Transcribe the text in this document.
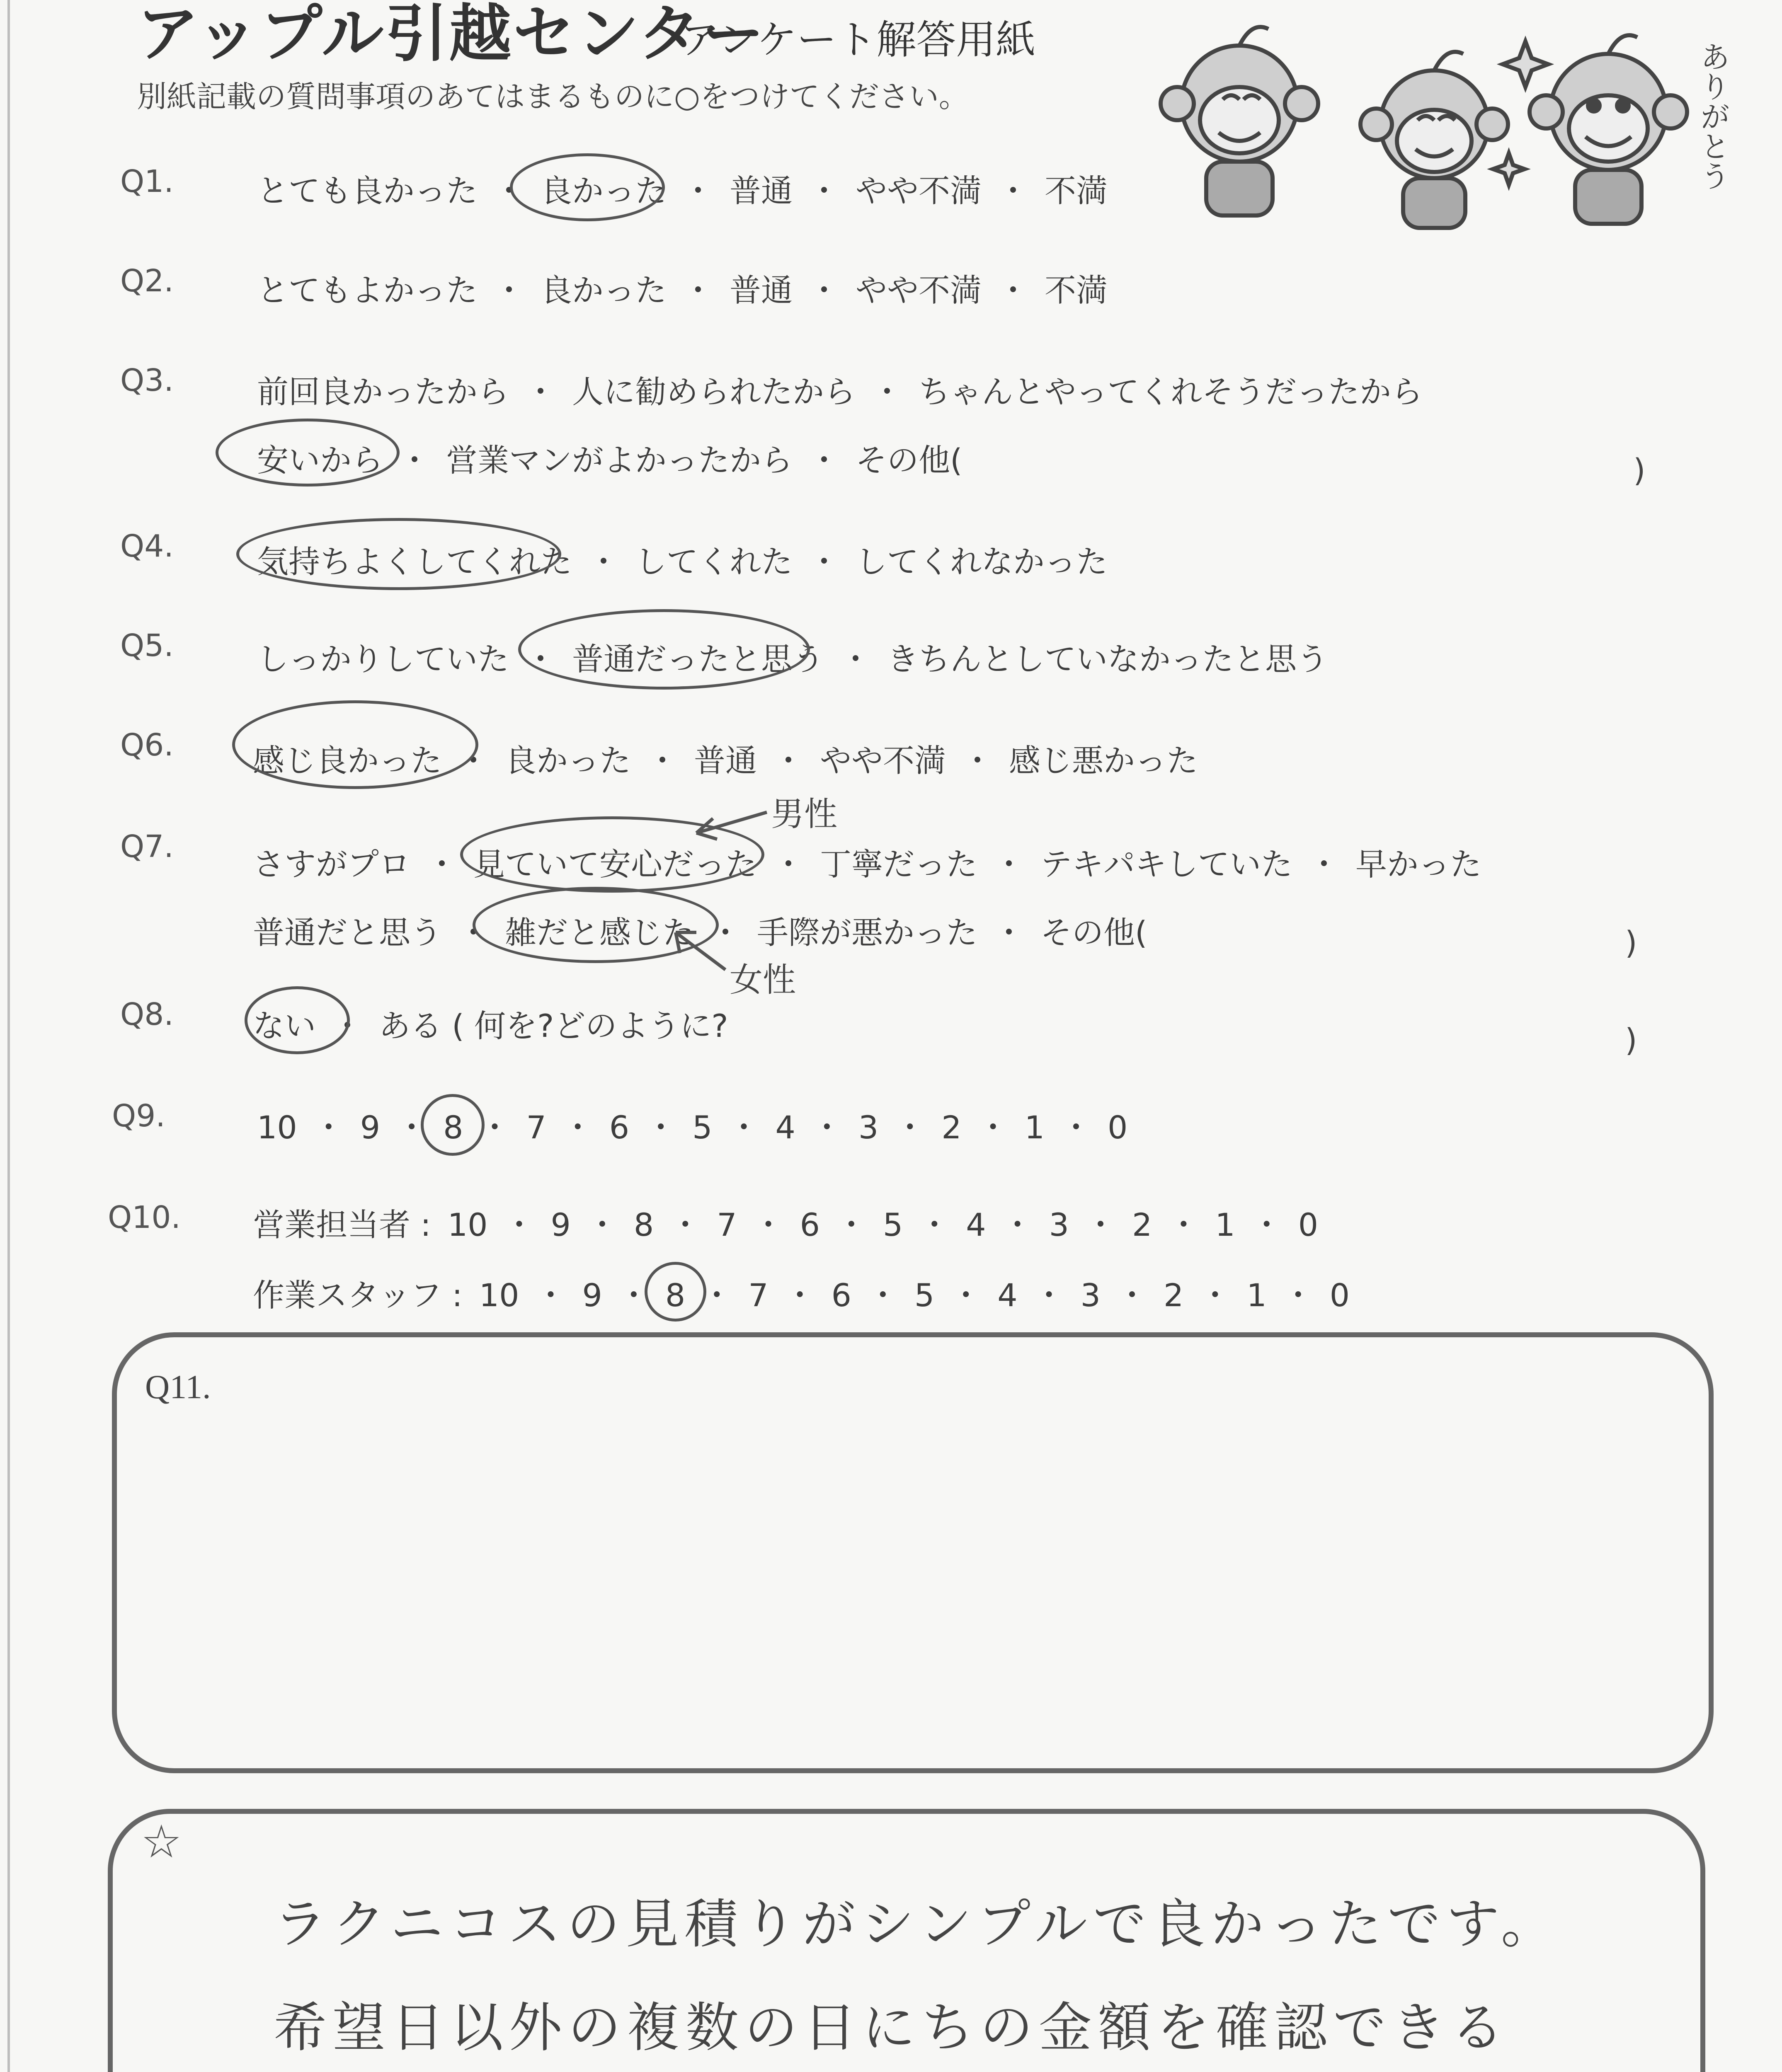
アップル引越センター
アンケート解答用紙
別紙記載の質問事項のあてはまるものに○をつけてください。	ありがとう
Q1.	とても良かった ・ 良かった ・ 普通 ・ やや不満 ・ 不満
Q2.	とてもよかった ・ 良かった ・ 普通 ・ やや不満 ・ 不満
Q3.	前回良かったから ・ 人に勧められたから ・ ちゃんとやってくれそうだったから
安いから ・ 営業マンがよかったから ・ その他(	)
Q4.	気持ちよくしてくれた ・ してくれた ・ してくれなかった
Q5.	しっかりしていた ・ 普通だったと思う ・ きちんとしていなかったと思う
Q6.	感じ良かった ・ 良かった ・ 普通 ・ やや不満 ・ 感じ悪かった
Q7.	さすがプロ ・ 見ていて安心だった ・ 丁寧だった ・ テキパキしていた ・ 早かった
普通だと思う ・ 雑だと感じた ・ 手際が悪かった ・ その他(	)
男性
女性
Q8.	ない ・ ある ( 何を?どのように?	)
Q9.	10 ・ 9 ・ 8 ・ 7 ・ 6 ・ 5 ・ 4 ・ 3 ・ 2 ・ 1 ・ 0
Q10. 営業担当者 : 10 ・ 9 ・ 8 ・ 7 ・ 6 ・ 5 ・ 4 ・ 3 ・ 2 ・ 1 ・ 0
作業スタッフ : 10 ・ 9 ・ 8 ・ 7 ・ 6 ・ 5 ・ 4 ・ 3 ・ 2 ・ 1 ・ 0
Q11.
☆
ラクニコスの見積りがシンプルで良かったです。
希望日以外の複数の日にちの金額を確認できる
